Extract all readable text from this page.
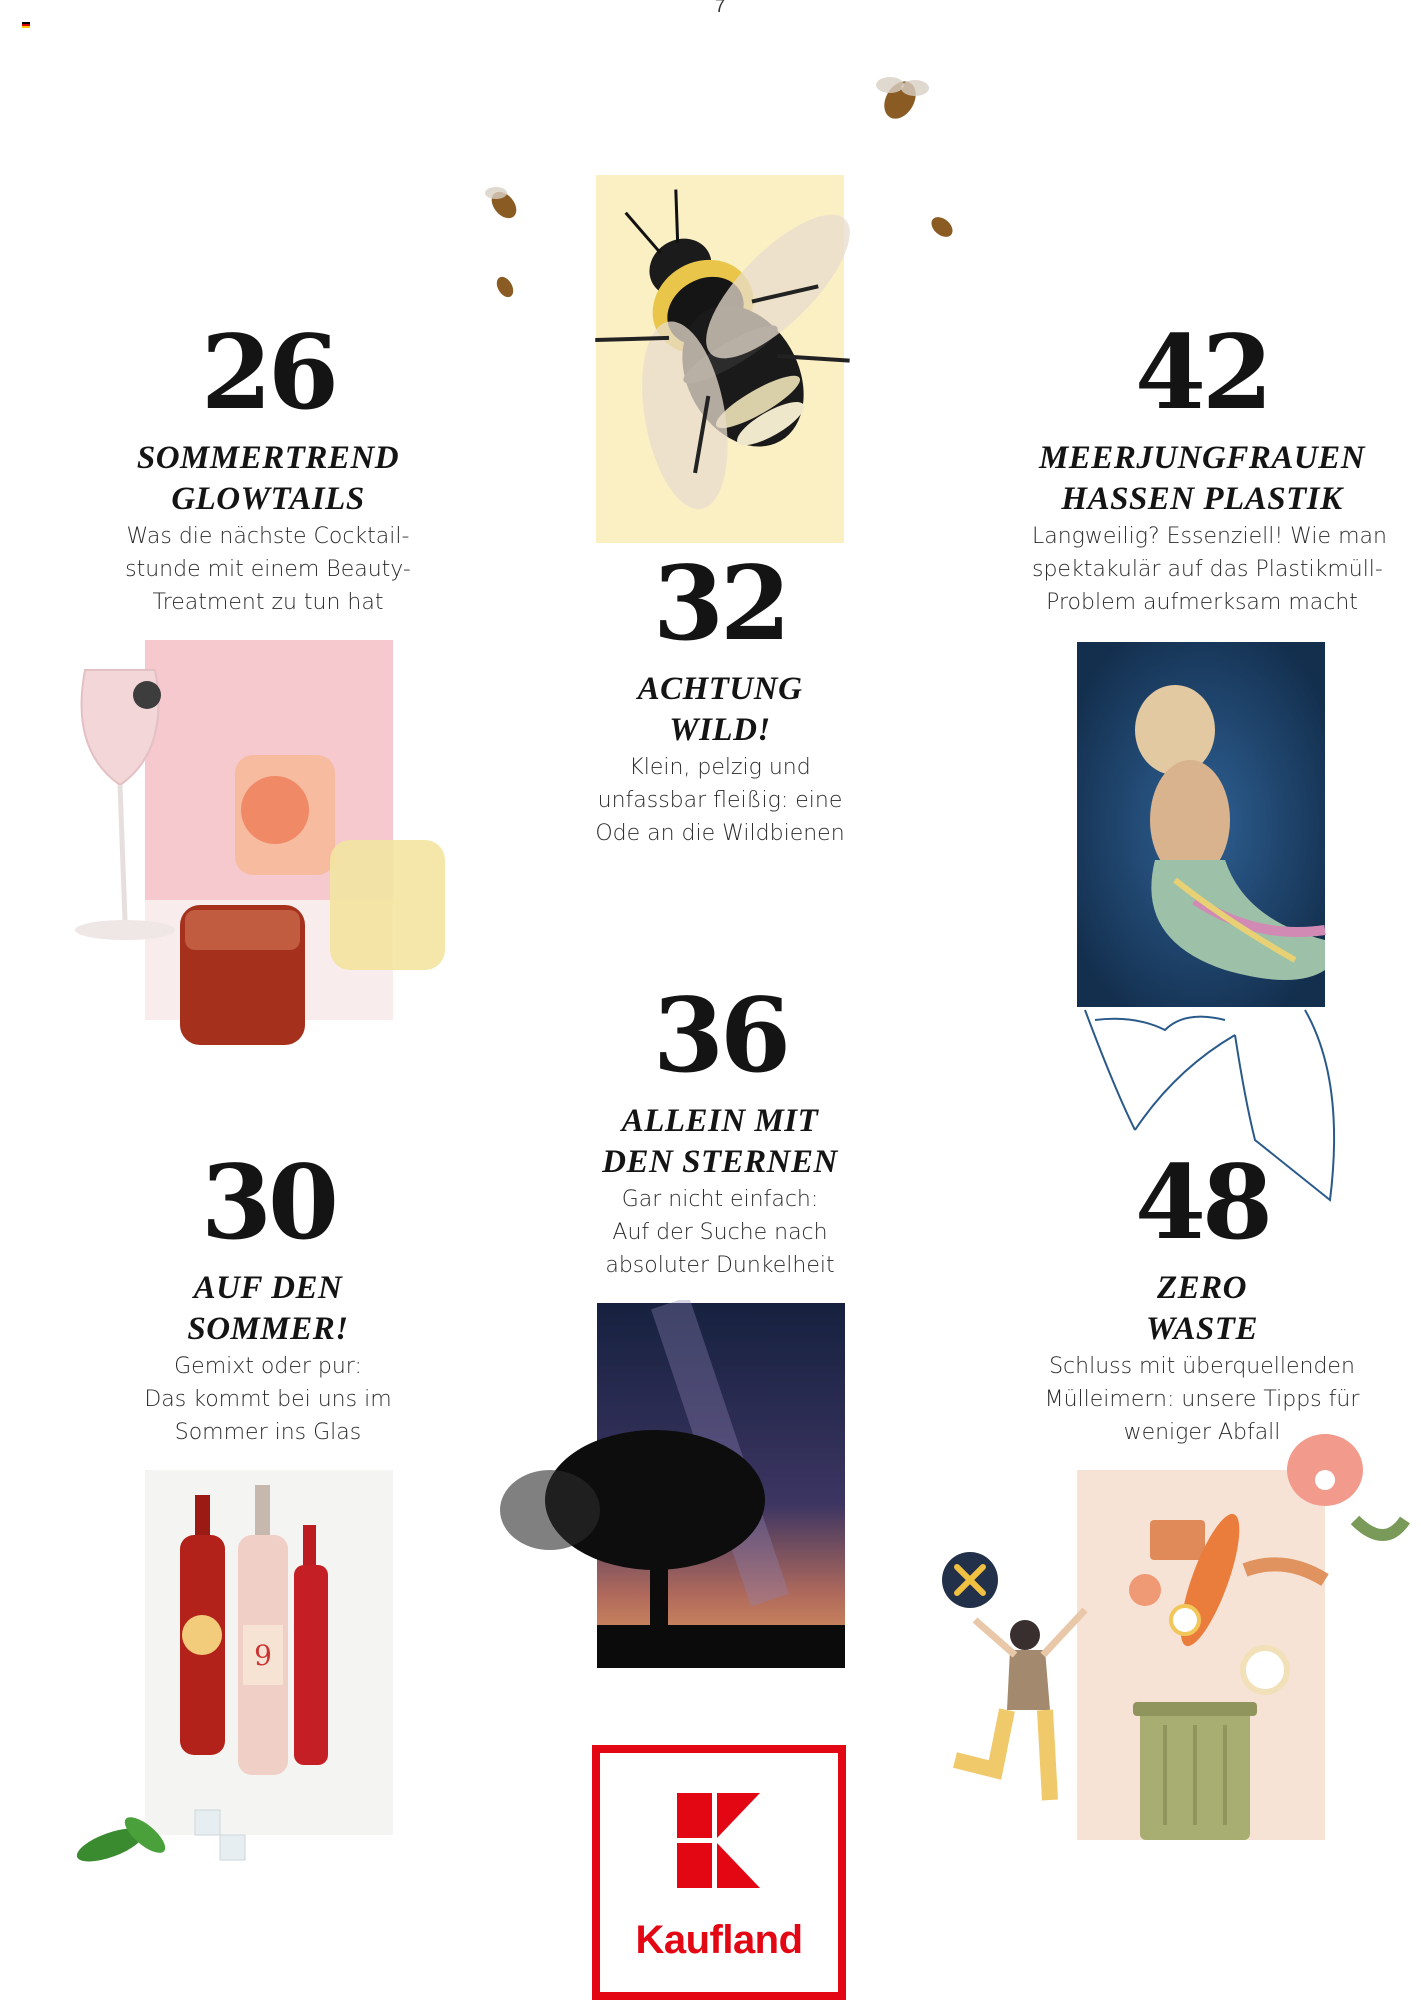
7
26
SOMMERTREND
GLOWTAILS
Was die nächste Cocktail-
stunde mit einem Beauty-
Treatment zu tun hat	32
ACHTUNG
WILD!
Klein, pelzig und
unfassbar fleißig: eine
Ode an die Wildbienen
42
MEERJUNGFRAUEN
HASSEN PLASTIK
Langweilig? Essenziell! Wie man
spektakulär auf das Plastikmüll-
Problem aufmerksam macht
30
AUF DEN
SOMMER!
Gemixt oder pur:
Das kommt bei uns im
Sommer ins Glas
36
ALLEIN MIT
DEN STERNEN
Gar nicht einfach:
Auf der Suche nach
absoluter Dunkelheit
48
ZERO
WASTE
Schluss mit überquellenden
Mülleimern: unsere Tipps für
weniger Abfall
9
Kaufland
